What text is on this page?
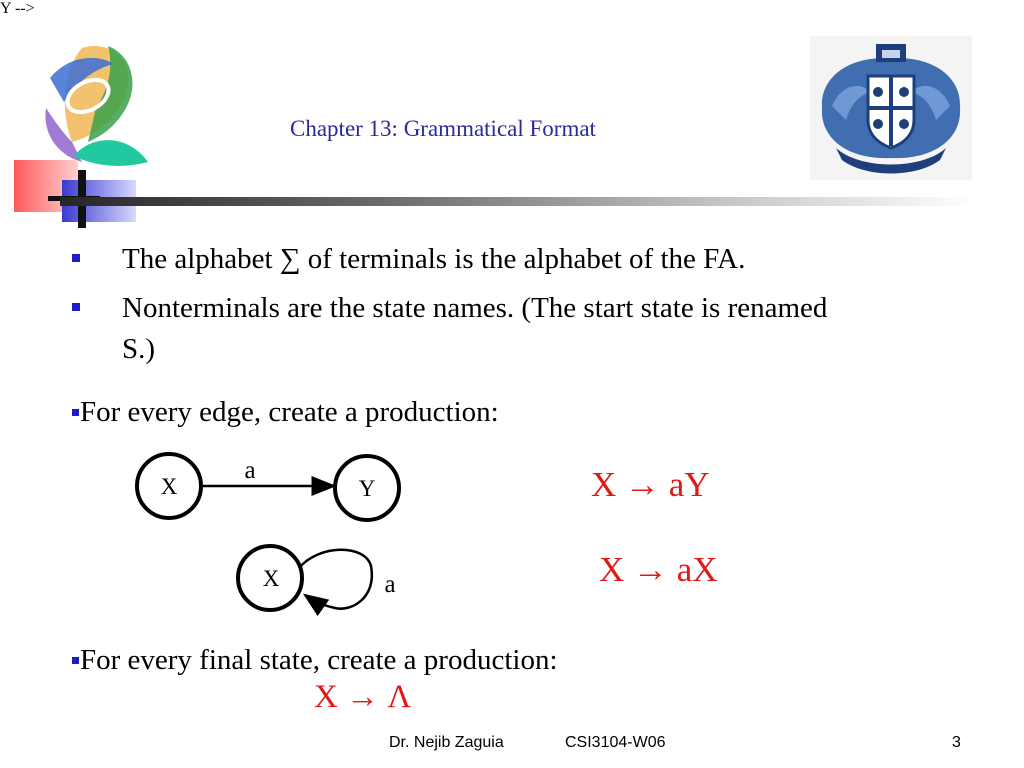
Chapter 13: Grammatical Format
The alphabet ∑ of terminals is the alphabet of the FA.
Nonterminals are the state names. (The start state is renamed
S.)
For every edge, create a production:
Y -->
X
a
Y
X	a
X → aY
X → aX
For every final state, create a production:
X → Λ
Dr. Nejib Zaguia	CSI3104-W06	3
